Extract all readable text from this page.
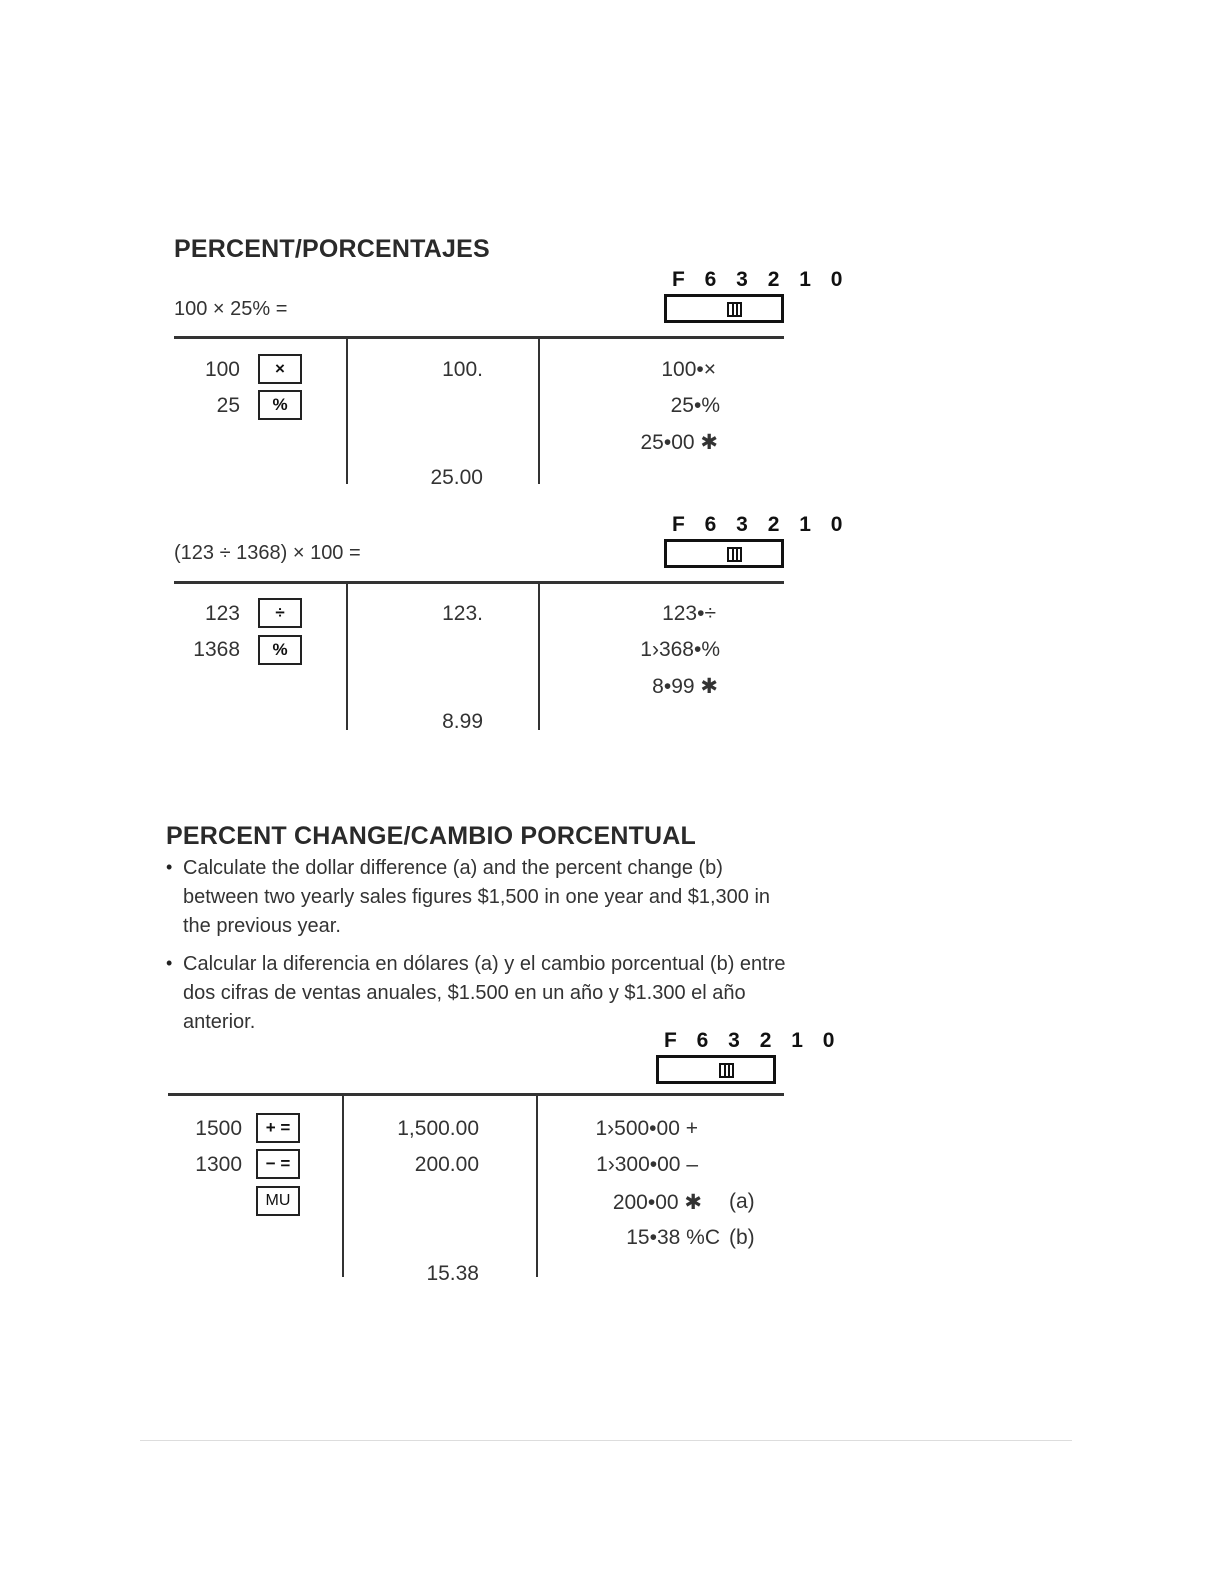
PERCENT/PORCENTAJES
F 6 3 2 1 0
100 × 25% =
100
25
×
%
100.
25.00
100•×
25•%
25•00 ✱
F 6 3 2 1 0
(123 ÷ 1368) × 100 =
123
1368
÷
%
123.
8.99
123•÷
1›368•%
8•99 ✱
PERCENT CHANGE/CAMBIO PORCENTUAL
• Calculate the dollar difference (a) and the percent change (b) between two yearly sales figures $1,500 in one year and $1,300 in the previous year.
• Calcular la diferencia en dólares (a) y el cambio porcentual (b) entre dos cifras de ventas anuales, $1.500 en un año y $1.300 el año anterior.
F 6 3 2 1 0
1500
1300
+ =
− =
MU
1,500.00
200.00
15.38
1›500•00 +
1›300•00 –
200•00 ✱
15•38 %C
(a)
(b)
